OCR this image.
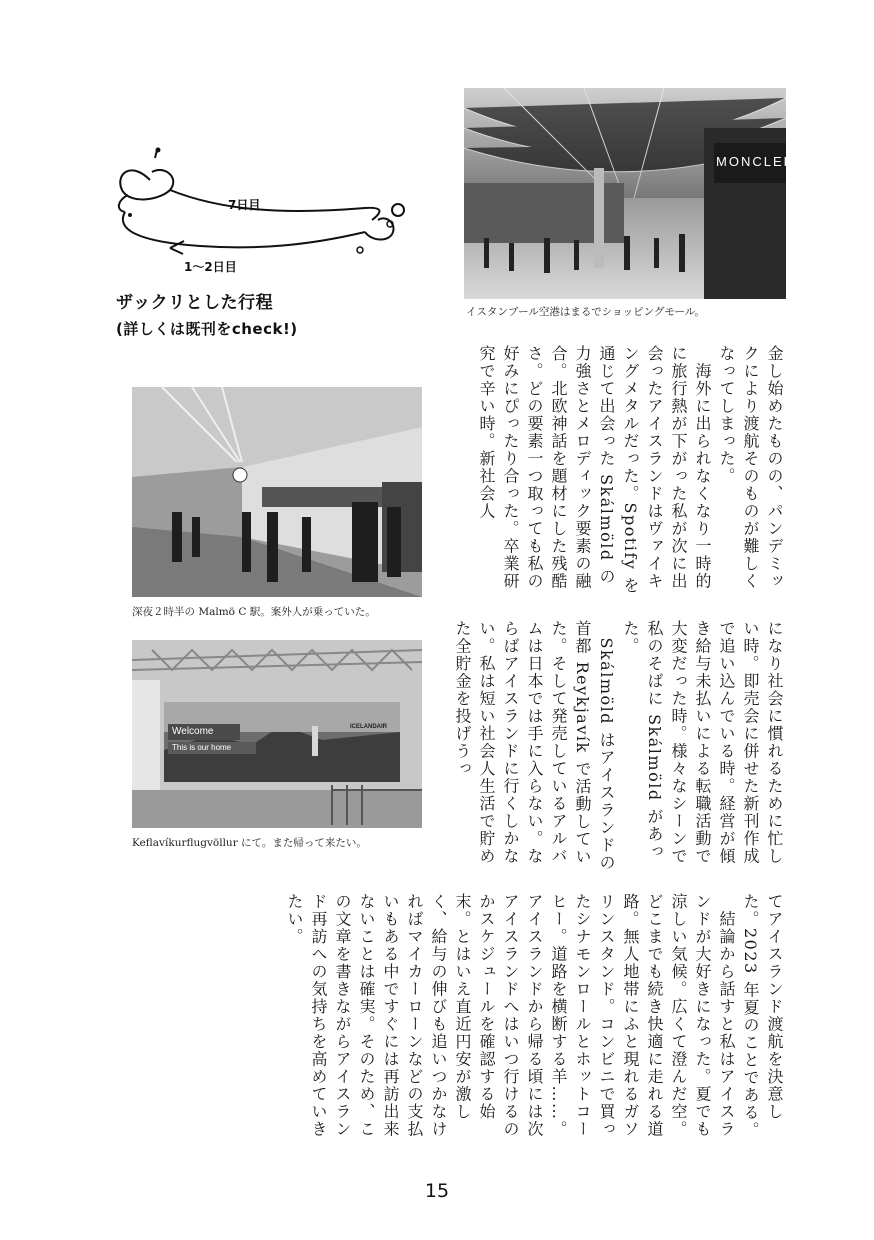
7日目
1〜2日目
ザックリとした行程
(詳しくは既刊をcheck!)
MONCLER
イスタンブール空港はまるでショッピングモール。
深夜２時半の Malmö C 駅。案外人が乗っていた。
Welcome
This is our home
ICELANDAIR
Keflavíkurflugvöllur にて。また帰って来たい。

金し始めたものの、パンデミックにより渡航そのものが難しくなってしまった。

　海外に出られなくなり一時的に旅行熱が下がった私が次に出会ったアイスランドはヴァイキングメタルだった。Spotify を通じて出会った Skálmöld の力強さとメロディック要素の融合。北欧神話を題材にした残酷さ。どの要素一つ取っても私の好みにぴったり合った。卒業研究で辛い時。新社会人

になり社会に慣れるために忙しい時。即売会に併せた新刊作成で追い込んでいる時。経営が傾き給与未払いによる転職活動で大変だった時。様々なシーンで私のそばに Skálmöld があった。

　Skálmöld はアイスランドの首都 Reykjavík で活動していた。そして発売しているアルバムは日本では手に入らない。ならばアイスランドに行くしかない。私は短い社会人生活で貯めた全貯金を投げうっ

てアイスランド渡航を決意した。2023 年夏のことである。

　結論から話すと私はアイスランドが大好きになった。夏でも涼しい気候。広くて澄んだ空。どこまでも続き快適に走れる道路。無人地帯にふと現れるガソリンスタンド。コンビニで買ったシナモンロールとホットコーヒー。道路を横断する羊……。アイスランドから帰る頃には次アイスランドへはいつ行けるのかスケジュールを確認する始末。とはいえ直近円安が激しく、給与の伸びも追いつかなければマイカーローンなどの支払いもある中ですぐには再訪出来ないことは確実。そのため、この文章を書きながらアイスランド再訪への気持ちを高めていきたい。

15
